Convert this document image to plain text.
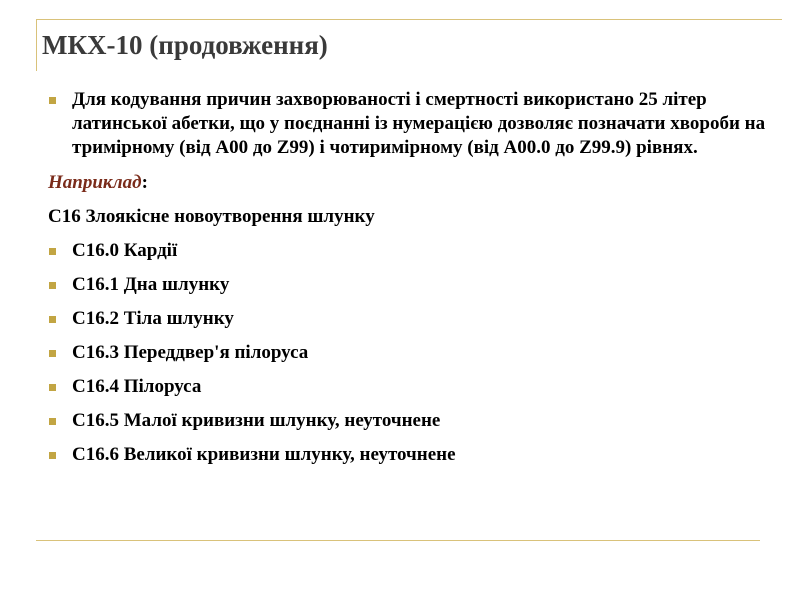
МКХ-10 (продовження)
Для кодування причин захворюваності і смертності використано 25 літер латинської абетки, що у поєднанні із нумерацією дозволяє позначати хвороби на тримірному (від А00 до Z99) і чотиримірному (від A00.0 до Z99.9) рівнях.
Наприклад:
С16 Злоякісне новоутворення шлунку
С16.0 Кардії
С16.1 Дна шлунку
С16.2 Тіла шлунку
С16.3 Переддвер'я пілоруса
С16.4 Пілоруса
С16.5 Малої кривизни шлунку, неуточнене
С16.6 Великої кривизни шлунку, неуточнене
